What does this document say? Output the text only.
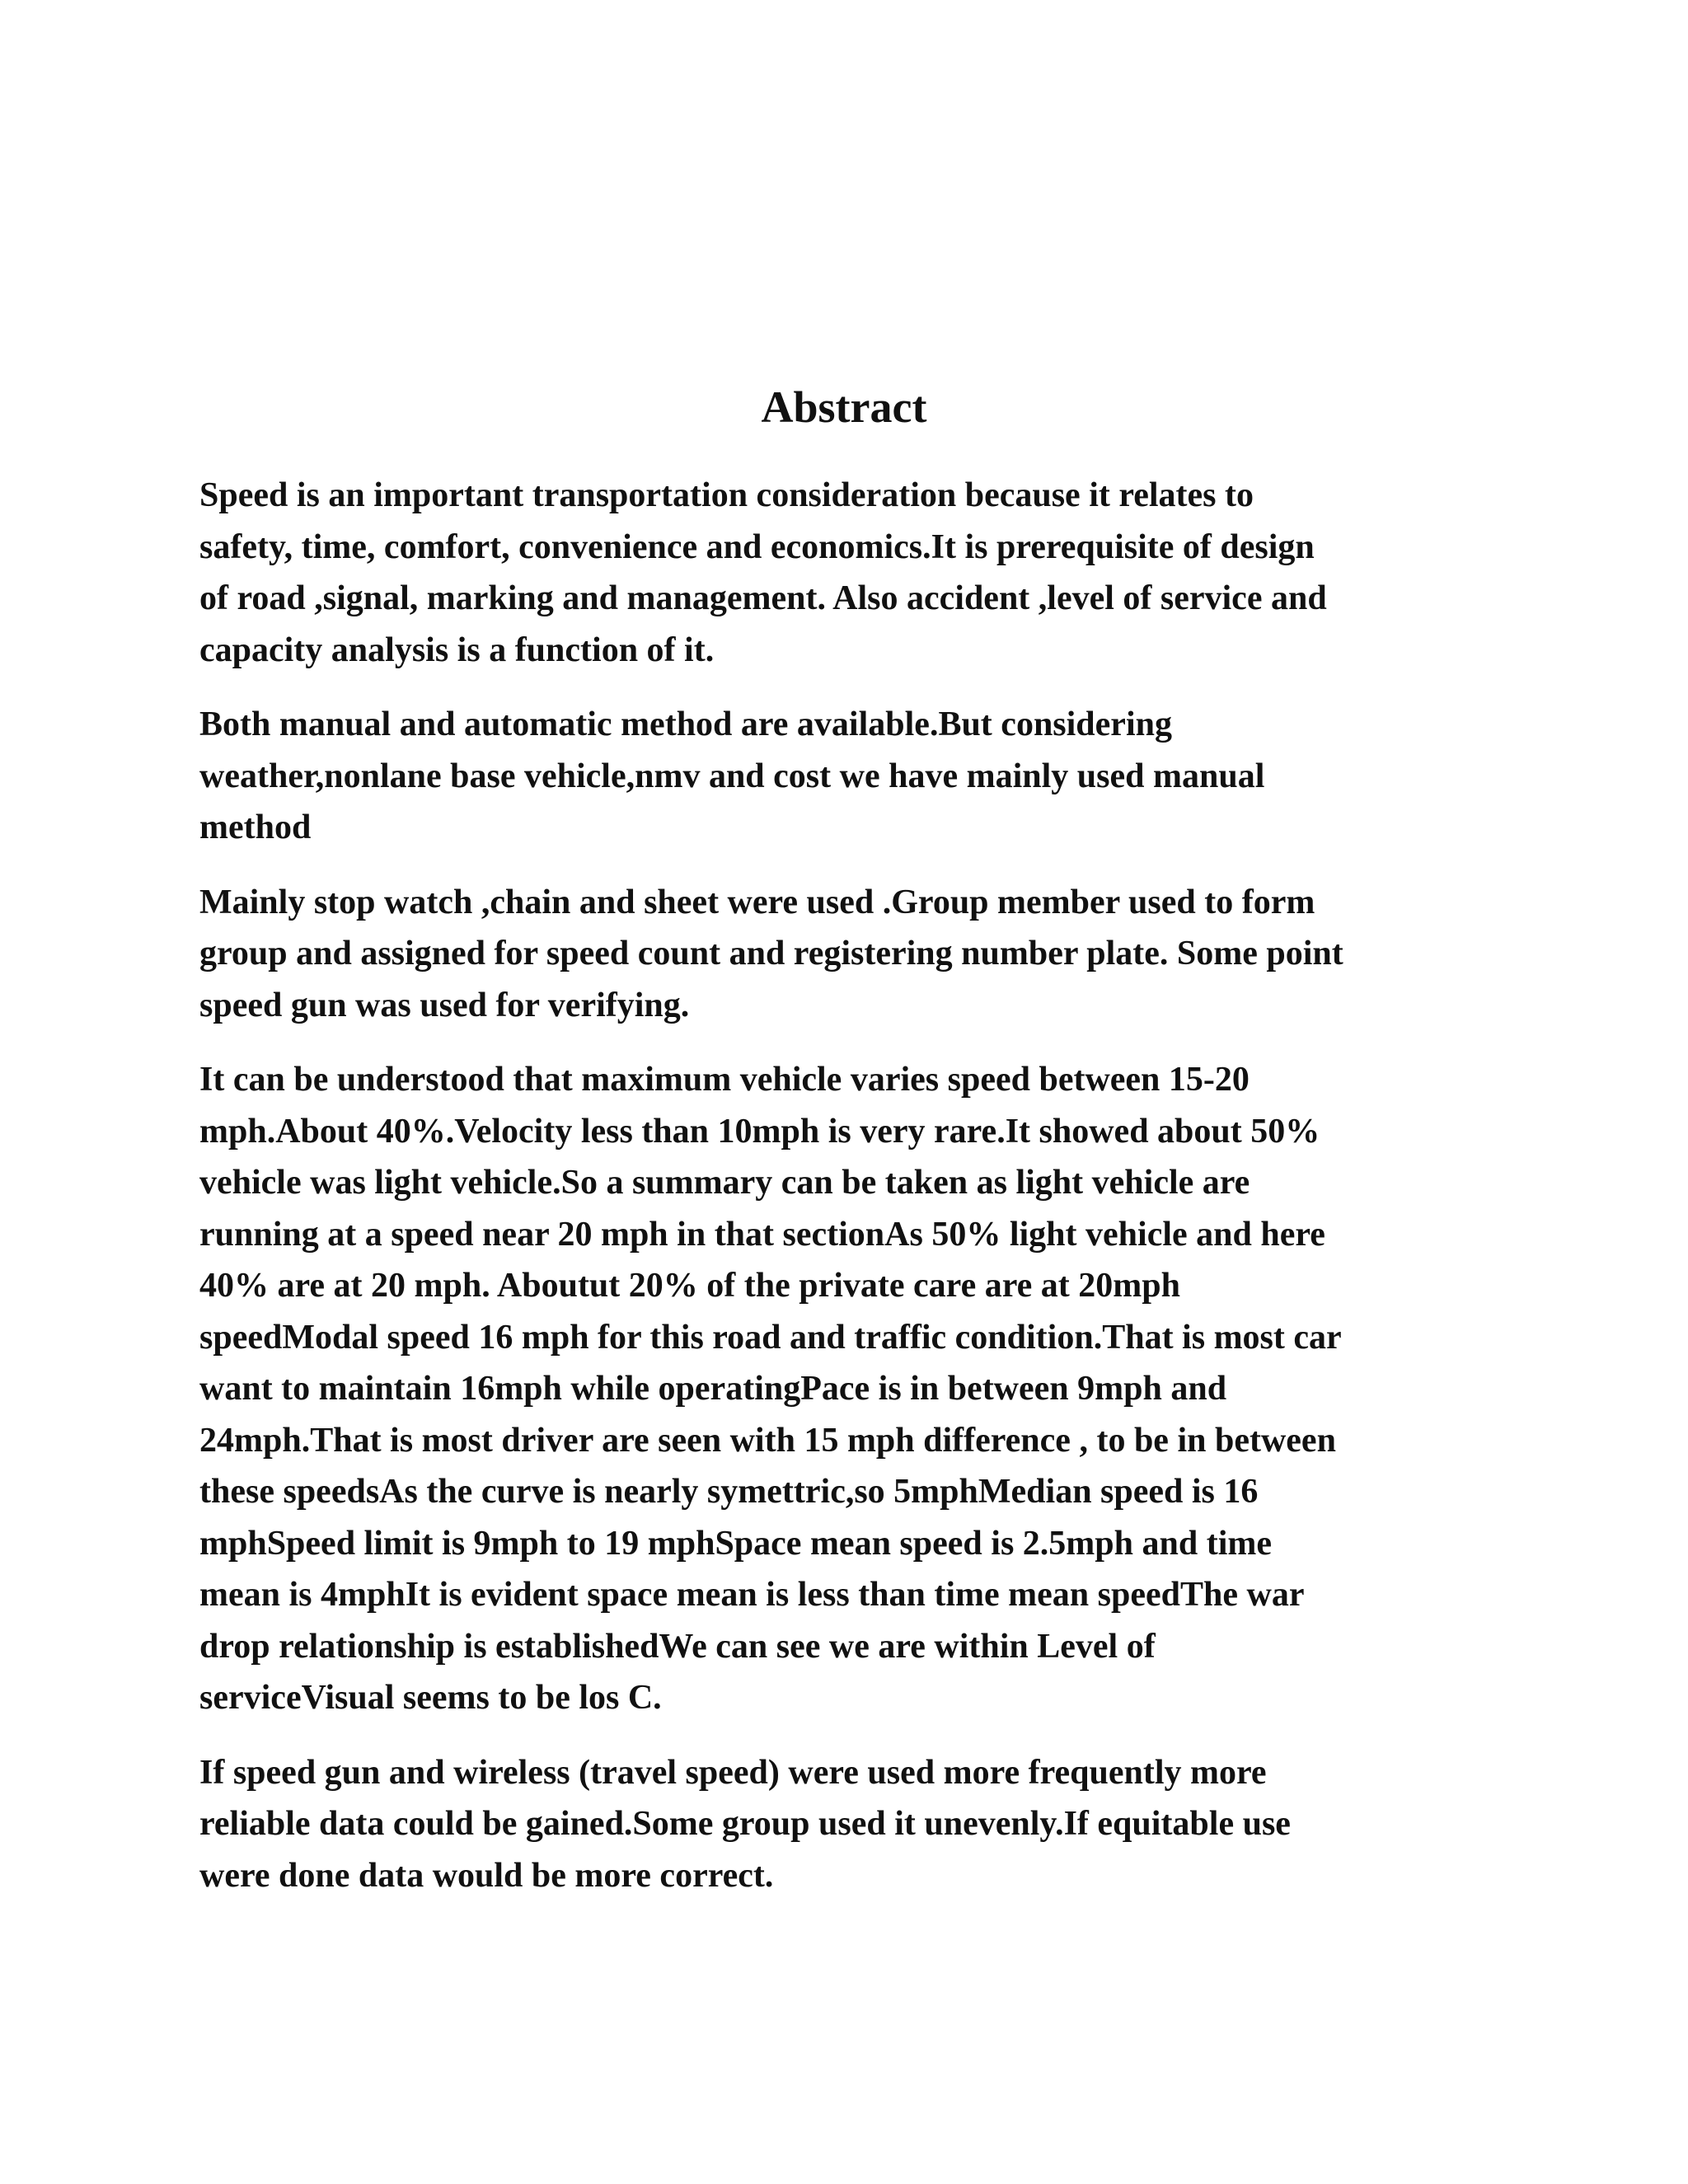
Abstract

Speed is an important transportation consideration because it relates to
safety, time, comfort, convenience and economics.It is prerequisite of design
of road ,signal, marking and management. Also accident ,level of service and
capacity analysis is a function of it.

Both manual and automatic method are available.But considering
weather,nonlane base vehicle,nmv and cost we have mainly used manual
method

Mainly stop watch ,chain and sheet were used .Group member used to form
group and assigned for speed count and registering number plate. Some point
speed gun was used for verifying.

It can be understood that maximum vehicle varies speed between 15-20
mph.About 40%.Velocity less than 10mph is very rare.It showed about 50%
vehicle was light vehicle.So a summary can be taken as light vehicle are
running at a speed near 20 mph in that sectionAs 50% light vehicle and here
40% are at 20 mph. Aboutut 20% of the private care are at 20mph
speedModal speed 16 mph for this road and traffic condition.That is most car
want to maintain 16mph while operatingPace is in between 9mph and
24mph.That is most driver are seen with 15 mph difference , to be in between
these speedsAs the curve is nearly symettric,so 5mphMedian speed is 16
mphSpeed limit is 9mph to 19 mphSpace mean speed is 2.5mph and time
mean is 4mphIt is evident space mean is less than time mean speedThe war
drop relationship is establishedWe can see we are within Level of
serviceVisual seems to be los C.

If speed gun and wireless (travel speed) were used more frequently more
reliable data could be gained.Some group used it unevenly.If equitable use
were done data would be more correct.
